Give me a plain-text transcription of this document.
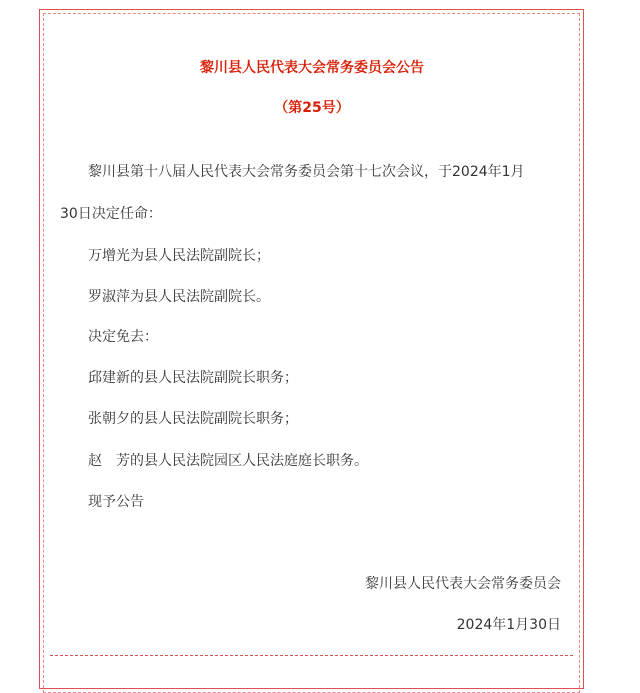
黎川县人民代表大会常务委员会公告
（第25号）
黎川县第十八届人民代表大会常务委员会第十七次会议，于2024年1月
30日决定任命：
万增光为县人民法院副院长；
罗淑萍为县人民法院副院长。
决定免去：
邱建新的县人民法院副院长职务；
张朝夕的县人民法院副院长职务；
赵　芳的县人民法院园区人民法庭庭长职务。
现予公告
黎川县人民代表大会常务委员会
2024年1月30日
